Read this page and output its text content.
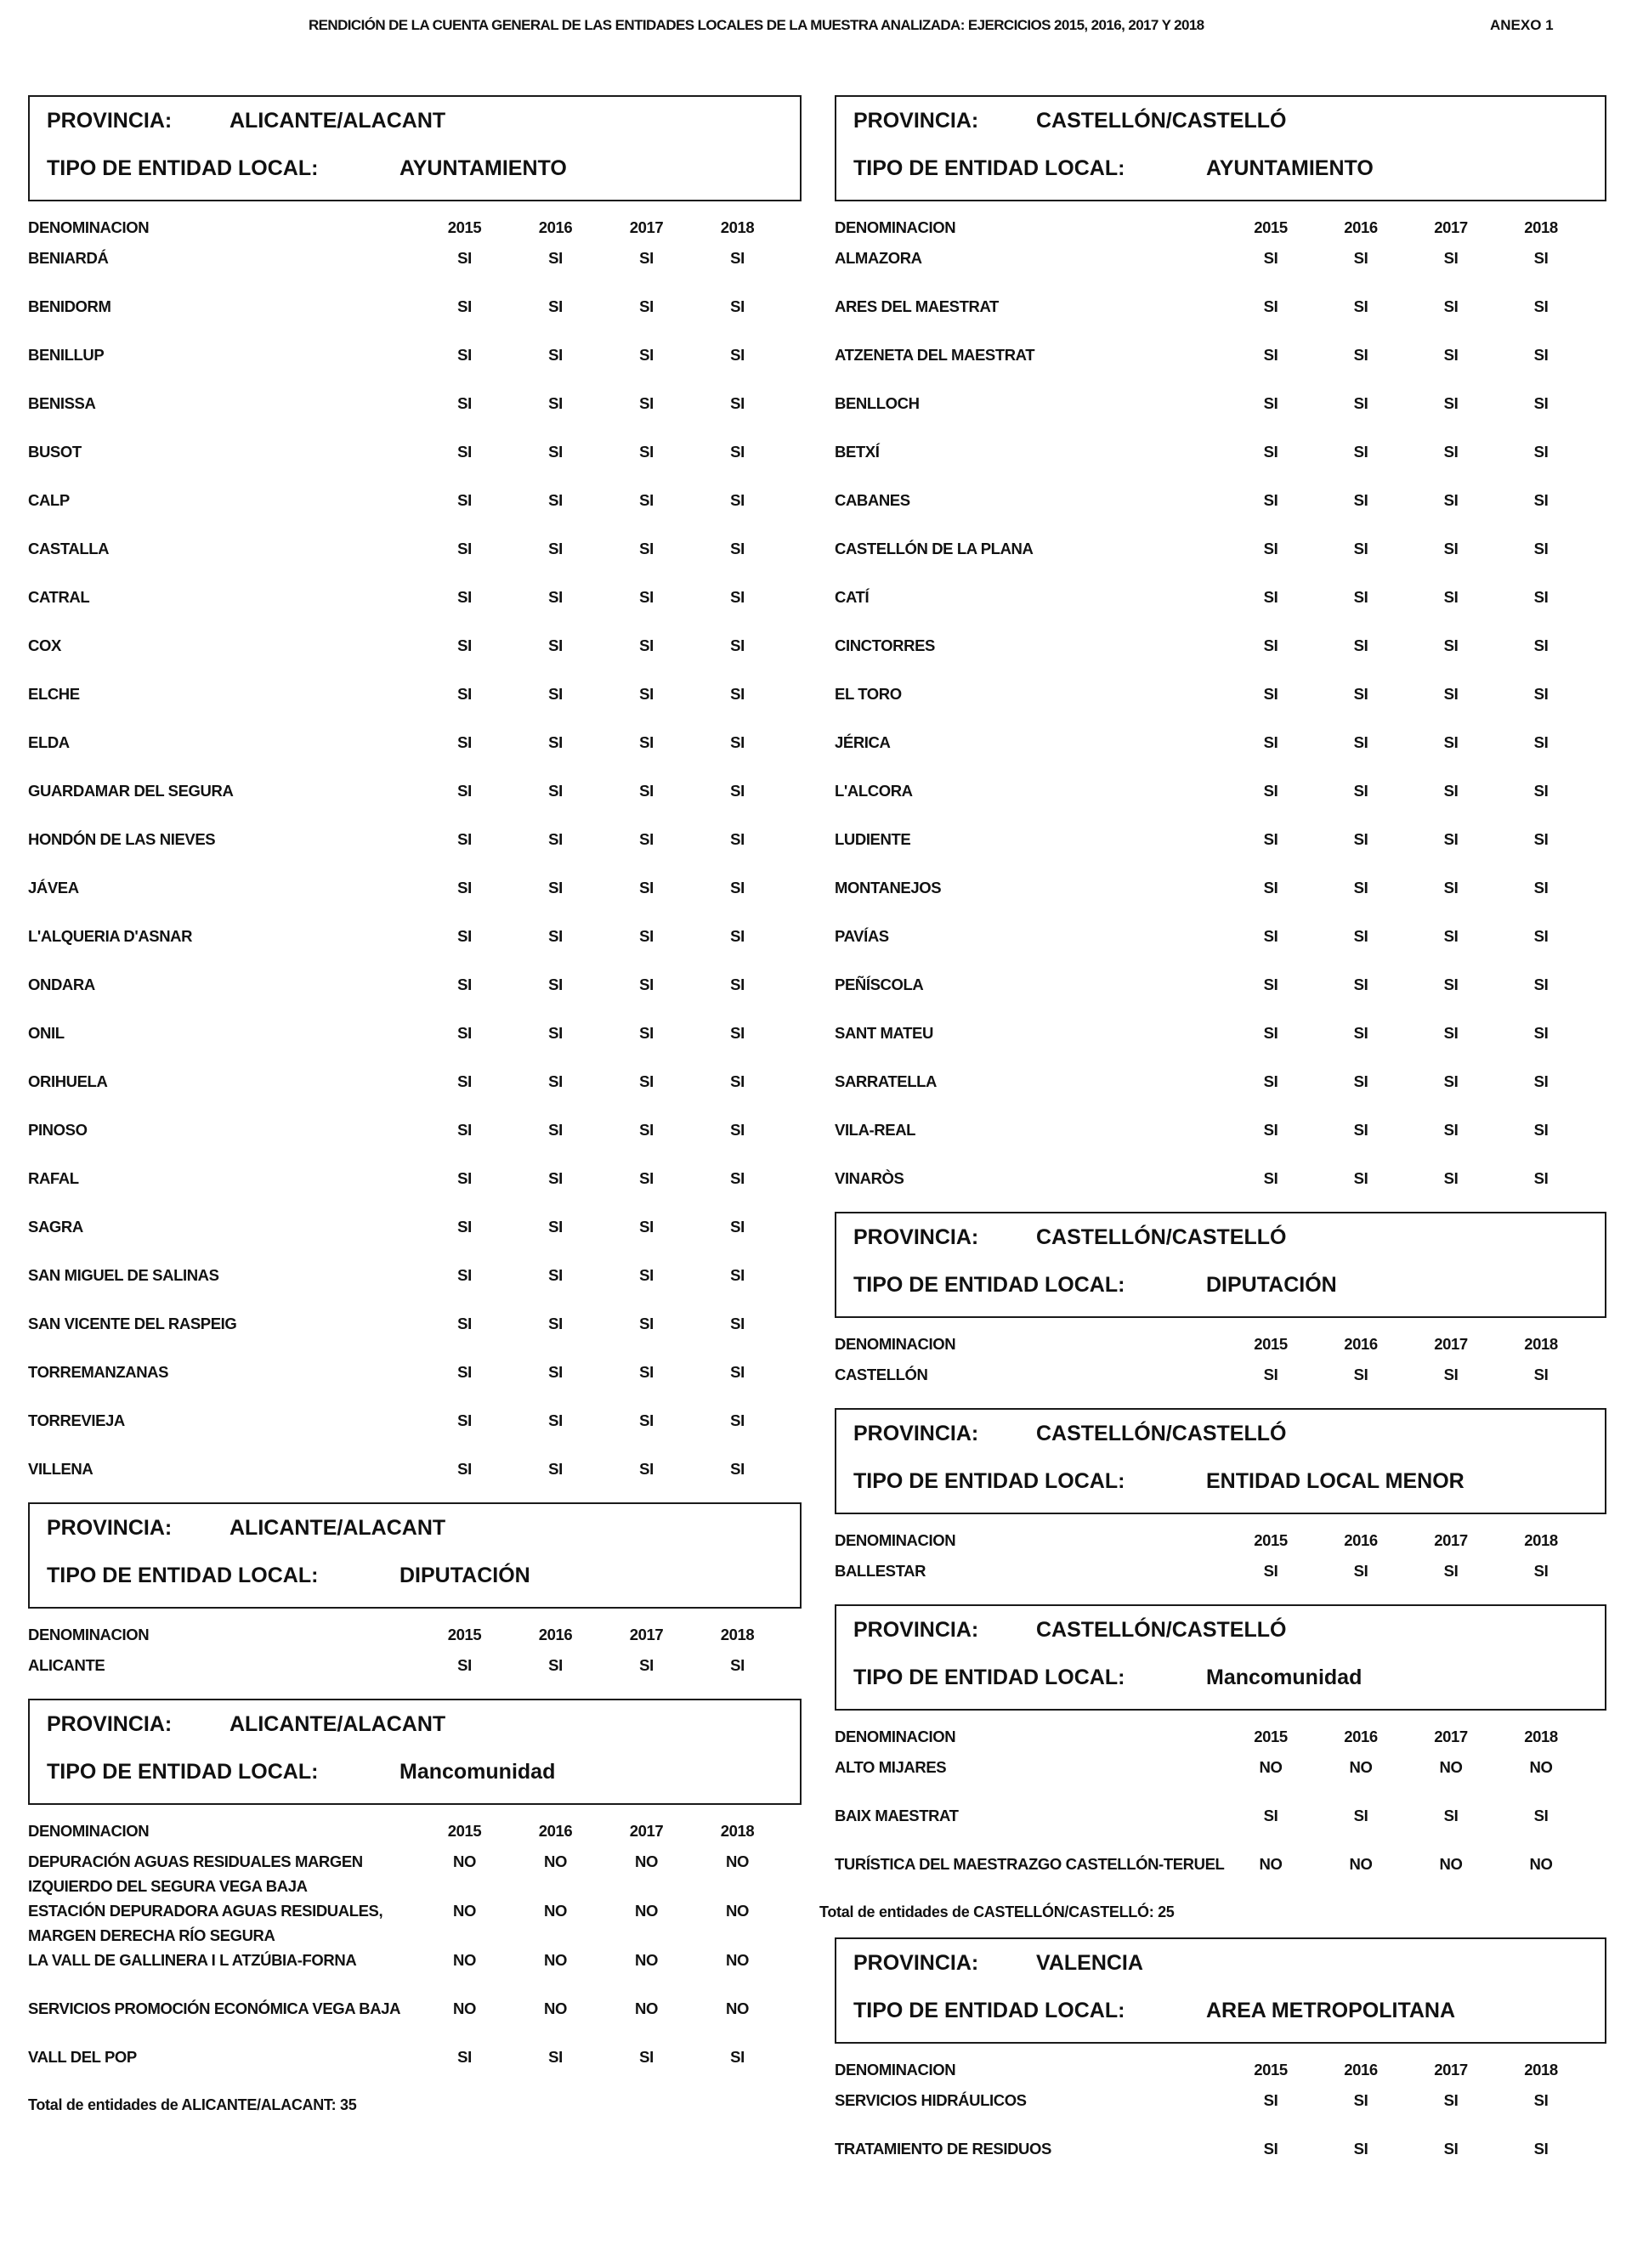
RENDICIÓN DE LA CUENTA GENERAL DE LAS ENTIDADES LOCALES DE LA MUESTRA ANALIZADA: EJERCICIOS 2015, 2016, 2017 Y 2018	ANEXO 1
PROVINCIA:	ALICANTE/ALACANT
TIPO DE ENTIDAD LOCAL:	AYUNTAMIENTO
DENOMINACION	2015	2016	2017	2018
BENIARDÁ	SI	SI	SI	SI
BENIDORM	SI	SI	SI	SI
BENILLUP	SI	SI	SI	SI
BENISSA	SI	SI	SI	SI
BUSOT	SI	SI	SI	SI
CALP	SI	SI	SI	SI
CASTALLA	SI	SI	SI	SI
CATRAL	SI	SI	SI	SI
COX	SI	SI	SI	SI
ELCHE	SI	SI	SI	SI
ELDA	SI	SI	SI	SI
GUARDAMAR DEL SEGURA	SI	SI	SI	SI
HONDÓN DE LAS NIEVES	SI	SI	SI	SI
JÁVEA	SI	SI	SI	SI
L'ALQUERIA D'ASNAR	SI	SI	SI	SI
ONDARA	SI	SI	SI	SI
ONIL	SI	SI	SI	SI
ORIHUELA	SI	SI	SI	SI
PINOSO	SI	SI	SI	SI
RAFAL	SI	SI	SI	SI
SAGRA	SI	SI	SI	SI
SAN MIGUEL DE SALINAS	SI	SI	SI	SI
SAN VICENTE DEL RASPEIG	SI	SI	SI	SI
TORREMANZANAS	SI	SI	SI	SI
TORREVIEJA	SI	SI	SI	SI
VILLENA	SI	SI	SI	SI
PROVINCIA:	ALICANTE/ALACANT
TIPO DE ENTIDAD LOCAL:	DIPUTACIÓN
DENOMINACION	2015	2016	2017	2018
ALICANTE	SI	SI	SI	SI
PROVINCIA:	ALICANTE/ALACANT
TIPO DE ENTIDAD LOCAL:	Mancomunidad
DENOMINACION	2015	2016	2017	2018
DEPURACIÓN AGUAS RESIDUALES MARGEN IZQUIERDO DEL SEGURA VEGA BAJA
NO	NO	NO	NO
ESTACIÓN DEPURADORA AGUAS RESIDUALES, MARGEN DERECHA RÍO SEGURA
NO	NO	NO	NO
LA VALL DE GALLINERA I L ATZÚBIA-FORNA	NO	NO	NO	NO
SERVICIOS PROMOCIÓN ECONÓMICA VEGA BAJA	NO	NO	NO	NO
VALL DEL POP	SI	SI	SI	SI
Total de entidades de ALICANTE/ALACANT: 35
PROVINCIA:	CASTELLÓN/CASTELLÓ
TIPO DE ENTIDAD LOCAL:	AYUNTAMIENTO
DENOMINACION	2015	2016	2017	2018
ALMAZORA	SI	SI	SI	SI
ARES DEL MAESTRAT	SI	SI	SI	SI
ATZENETA DEL MAESTRAT	SI	SI	SI	SI
BENLLOCH	SI	SI	SI	SI
BETXÍ	SI	SI	SI	SI
CABANES	SI	SI	SI	SI
CASTELLÓN DE LA PLANA	SI	SI	SI	SI
CATÍ	SI	SI	SI	SI
CINCTORRES	SI	SI	SI	SI
EL TORO	SI	SI	SI	SI
JÉRICA	SI	SI	SI	SI
L'ALCORA	SI	SI	SI	SI
LUDIENTE	SI	SI	SI	SI
MONTANEJOS	SI	SI	SI	SI
PAVÍAS	SI	SI	SI	SI
PEÑÍSCOLA	SI	SI	SI	SI
SANT MATEU	SI	SI	SI	SI
SARRATELLA	SI	SI	SI	SI
VILA-REAL	SI	SI	SI	SI
VINARÒS	SI	SI	SI	SI
PROVINCIA:	CASTELLÓN/CASTELLÓ
TIPO DE ENTIDAD LOCAL:	DIPUTACIÓN
DENOMINACION	2015	2016	2017	2018
CASTELLÓN	SI	SI	SI	SI
PROVINCIA:	CASTELLÓN/CASTELLÓ
TIPO DE ENTIDAD LOCAL:	ENTIDAD LOCAL MENOR
DENOMINACION	2015	2016	2017	2018
BALLESTAR	SI	SI	SI	SI
PROVINCIA:	CASTELLÓN/CASTELLÓ
TIPO DE ENTIDAD LOCAL:	Mancomunidad
DENOMINACION	2015	2016	2017	2018
ALTO MIJARES	NO	NO	NO	NO
BAIX MAESTRAT	SI	SI	SI	SI
TURÍSTICA DEL MAESTRAZGO CASTELLÓN-TERUEL	NO	NO	NO	NO
Total de entidades de CASTELLÓN/CASTELLÓ: 25
PROVINCIA:	VALENCIA
TIPO DE ENTIDAD LOCAL:	AREA METROPOLITANA
DENOMINACION	2015	2016	2017	2018
SERVICIOS HIDRÁULICOS	SI	SI	SI	SI
TRATAMIENTO DE RESIDUOS	SI	SI	SI	SI
